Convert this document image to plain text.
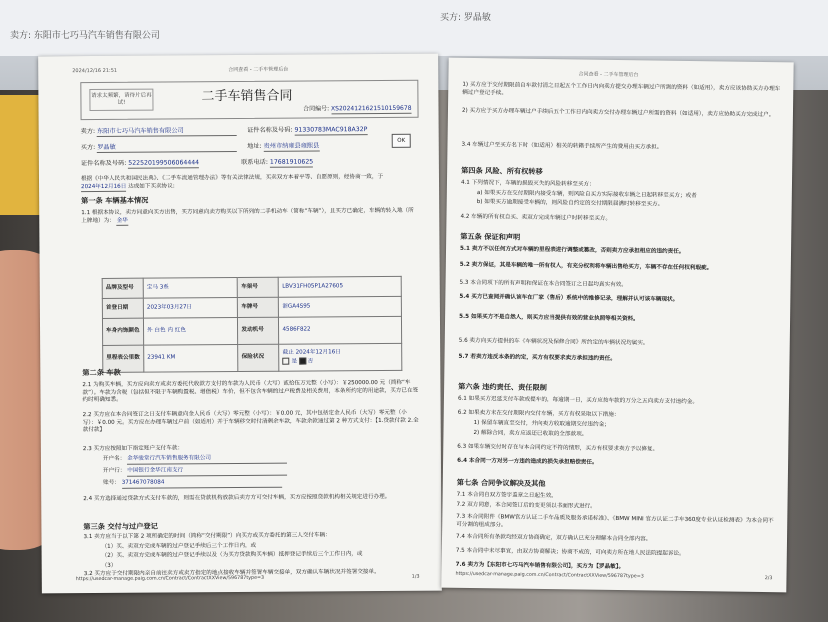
卖方: 东阳市七巧马汽车销售有限公司
买方: 罗晶敏
2024/12/16 21:51	合同查看 - 二手车管理后台
请求太频繁，请待片后再试!	二手车销售合同
合同编号: XS20241216215101596​78
卖方: 东阳市七巧马汽车销售有限公司	证件名称及号码: 91330783MAC918A32P
OK
买方: 罗晶敏	地址: 贵州市纳雍县雍熙县
证件名称及号码: 522520199506064444	联系电话: 17681910625
根据《中华人民共和国民法典》、《二手车流通管理办法》等有关法律法规，买卖双方本着平等、自愿原则，经协商一致，于 2024年12月16日 达成如下买卖协议:
第一条 车辆基本情况
1.1 根据本协议，卖方同意向买方出售，买方同意向卖方购买以下所列的二手机动车（简称“车辆”），且买方已确定，车辆的转入地（所上牌地）为： 金华
品牌及型号	宝马 3系	车架号	LBV31FH05P1A27605
首登日期	2023年03月27日	车牌号	浙GA4S95
车身内饰颜色	外 白色 内 红色	发动机号	4586F822
里程表公里数	23941 KM	保险状况	截止 2024年12月16日
是 否
第二条 车款
2.1 为购买车辆，买方应向卖方或卖方委托代收款方支付的车款为人民币（大写）贰拾伍万元整（小写）：￥250000.00 元（简称“车款”）。车款为含税（包括但不限于车辆购置税、增值税）车价，但不包含车辆的过户税费及相关费用，本条所约定的用途款，买方已在签约时明确知悉。
2.2 买方应在本合同签订之日支付车辆意向金人民币（大写）零元整（小写）：￥0.00 元，其中包括定金人民币（大写）零元整（小写）：￥0.00 元。买方应在办理车辆过户前（如适用）并于车辆移交时付清剩余车款，车款余款通过第 2 种方式支付：【1.贷款付款 2.全款付款】
2.3 买方应按照如下指定账户支付车款：
开户名： 金华骏堂行汽车销售服务有限公司
开户行： 中国银行金华江南支行
账号： 371467078084
2.4 买方选择通过贷款方式支付车款的，则需在贷款机构放款后卖方方可交付车辆，买方应按照贷款机构相关规定进行办理。
第三条 交付与过户登记
3.1 卖方应当于以下第 2 项所确定的时间（简称“交付期限”）向买方或买方委托的第三人交付车辆：
（1）买、卖双方完成车辆的过户登记手续后三个工作日内，或
（2）买、卖双方完成车辆的过户登记手续以及（为买方贷款购买车辆）抵押登记手续后三个工作日内，或
（3）
3.2 买方应于交付期限内亲自前往卖方或卖方指定的地点接收车辆并签署车辆交接单，双方确认车辆状况并签署交接单。
https://usedcar-manage.paig.com.cn/Contract/ContractXXView/596787type=3	1/3
合同查看 - 二手车管理后台
1) 买方应于交付期限前自车款付清之日起五个工作日内向卖方提交办理车辆过户所需的资料（如适用），卖方应该协助买方办理车辆过户登记手续。
2) 买方应于买方办理车辆过户手续后五个工作日内向卖方交付办理车辆过户所需的资料（如适用），卖方应协助买方完成过户。
3.4 车辆过户至买方名下时（如适用）相关的转籍手续所产生的费用由买方承担。
第四条 风险、所有权转移
4.1 下列情况下，车辆的损毁灭失的风险转移至买方：
a) 如果买方在交付期限内接受车辆，则风险自买方实际接收车辆之日起转移至买方；或者
b) 如果买方逾期接受车辆的，则风险自约定的交付期限届满时转移至买方。
4.2 车辆的所有权自买、卖双方完成车辆过户时转移至买方。
第五条 保证和声明
5.1 卖方不以任何方式对车辆的里程表进行调整或篡改，否则卖方应承担相应的违约责任。
5.2 卖方保证，其是车辆的唯一所有权人，有充分权利将车辆出售给买方，车辆不存在任何权利瑕疵。
5.3 本合同项下的所有声明和保证在本合同签订之日起均真实有效。
5.4 买方已查阅并确认该车在厂家（售后）系统中的维修记录，理解并认可该车辆现状。
5.5 如果买方不是自然人，则买方应当提供有效的营业执照等相关资料。
5.6 卖方向买方提供的车《车辆状况及保修合同》所约定的车辆状况均属实。
5.7 若卖方违反本条的约定，买方有权要求卖方承担违约责任。
第六条 违约责任、责任限制
6.1 如果买方迟延支付车款或提车的，每逾期一日，买方应按车款的万分之五向卖方支付违约金。
6.2 如果卖方未在交付期限内交付车辆，买方有权采取以下措施：
1) 保留车辆直至交付，并向卖方收取逾期交付违约金；
2) 解除合同，卖方应返还已收取的全部款项。
6.3 如果车辆交付时存在与本合同约定不符的情形，买方有权要求卖方予以修复。
6.4 本合同一方对另一方违约造成的损失承担赔偿责任。
第七条 合同争议解决及其他
7.1 本合同自双方签字盖章之日起生效。
7.2 双方同意，本合同签订后的变更须以书面形式进行。
7.3 本合同附件《BMW官方认证二手车品质及服务承诺标准》、《BMW MINI 官方认证二手车360度专业认证检测表》为本合同不可分割的组成部分。
7.4 本合同所有条款均经双方协商确定，双方确认已充分理解本合同全部内容。
7.5 本合同中未尽事宜，由双方协商解决；协商不成的，可向卖方所在地人民法院提起诉讼。
7.6 卖方为【东阳市七巧马汽车销售有限公司】，买方为【罗晶敏】。
https://usedcar-manage.paig.com.cn/Contract/ContractXXView/596787type=3	2/3
